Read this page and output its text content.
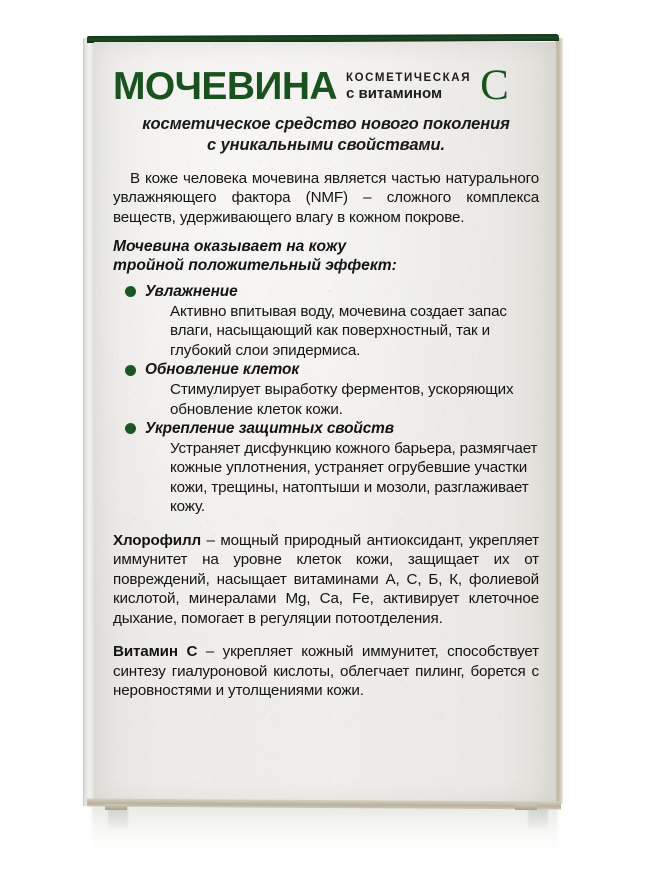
МОЧЕВИНА КОСМЕТИЧЕСКАЯ
с витамином C
косметическое средство нового поколения
с уникальными свойствами.

В коже человека мочевина является частью натурального увлажняющего фактора (NMF) – сложного комплекса веществ, удерживающего влагу в кожном покрове.

Мочевина оказывает на кожу
тройной положительный эффект:
Увлажнение

Активно впитывая воду, мочевина создает запас влаги, насыщающий как поверхностный, так и глубокий слои эпидермиса.

Обновление клеток

Стимулирует выработку ферментов, ускоряющих обновление клеток кожи.

Укрепление защитных свойств

Устраняет дисфункцию кожного барьера, размягчает кожные уплотнения, устраняет огрубевшие участки кожи, трещины, натоптыши и мозоли, разглаживает кожу.

Хлорофилл – мощный природный антиоксидант, укрепляет иммунитет на уровне клеток кожи, защищает их от повреждений, насыщает витаминами А, С, Б, К, фолиевой кислотой, минералами Mg, Ca, Fe, активирует клеточное дыхание, помогает в регуляции потоотделения.

Витамин С – укрепляет кожный иммунитет, способствует синтезу гиалуроновой кислоты, облегчает пилинг, борется с неровностями и утолщениями кожи.
